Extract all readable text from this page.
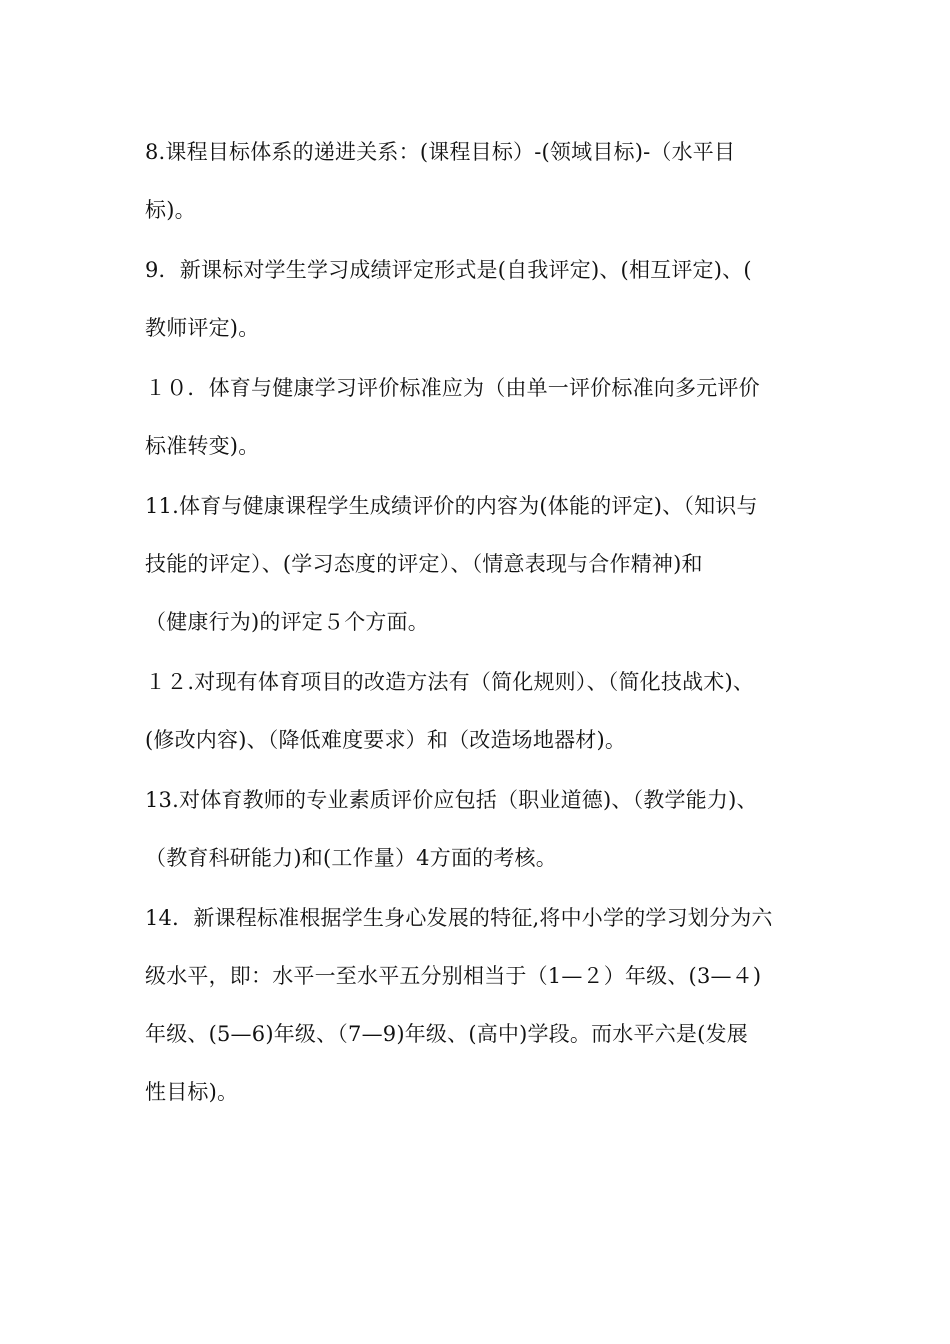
8.课程目标体系的递进关系：(课程目标）-(领域目标)-（水平目
标)。
9．新课标对学生学习成绩评定形式是(自我评定)、(相互评定)、(
教师评定)。
１０．体育与健康学习评价标准应为（由单一评价标准向多元评价
标准转变)。
11.体育与健康课程学生成绩评价的内容为(体能的评定)、（知识与
技能的评定）、(学习态度的评定）、（情意表现与合作精神)和
（健康行为)的评定５个方面。
１２.对现有体育项目的改造方法有（简化规则）、（简化技战术)、
(修改内容)、（降低难度要求）和（改造场地器材)。
13.对体育教师的专业素质评价应包括（职业道德)、（教学能力)、
（教育科研能力)和(工作量）4方面的考核。
14．新课程标准根据学生身心发展的特征,将中小学的学习划分为六
级水平，即：水平一至水平五分别相当于（1—２）年级、(3—４)
年级、(5—6)年级、（7—9)年级、(高中)学段。而水平六是(发展
性目标)。
